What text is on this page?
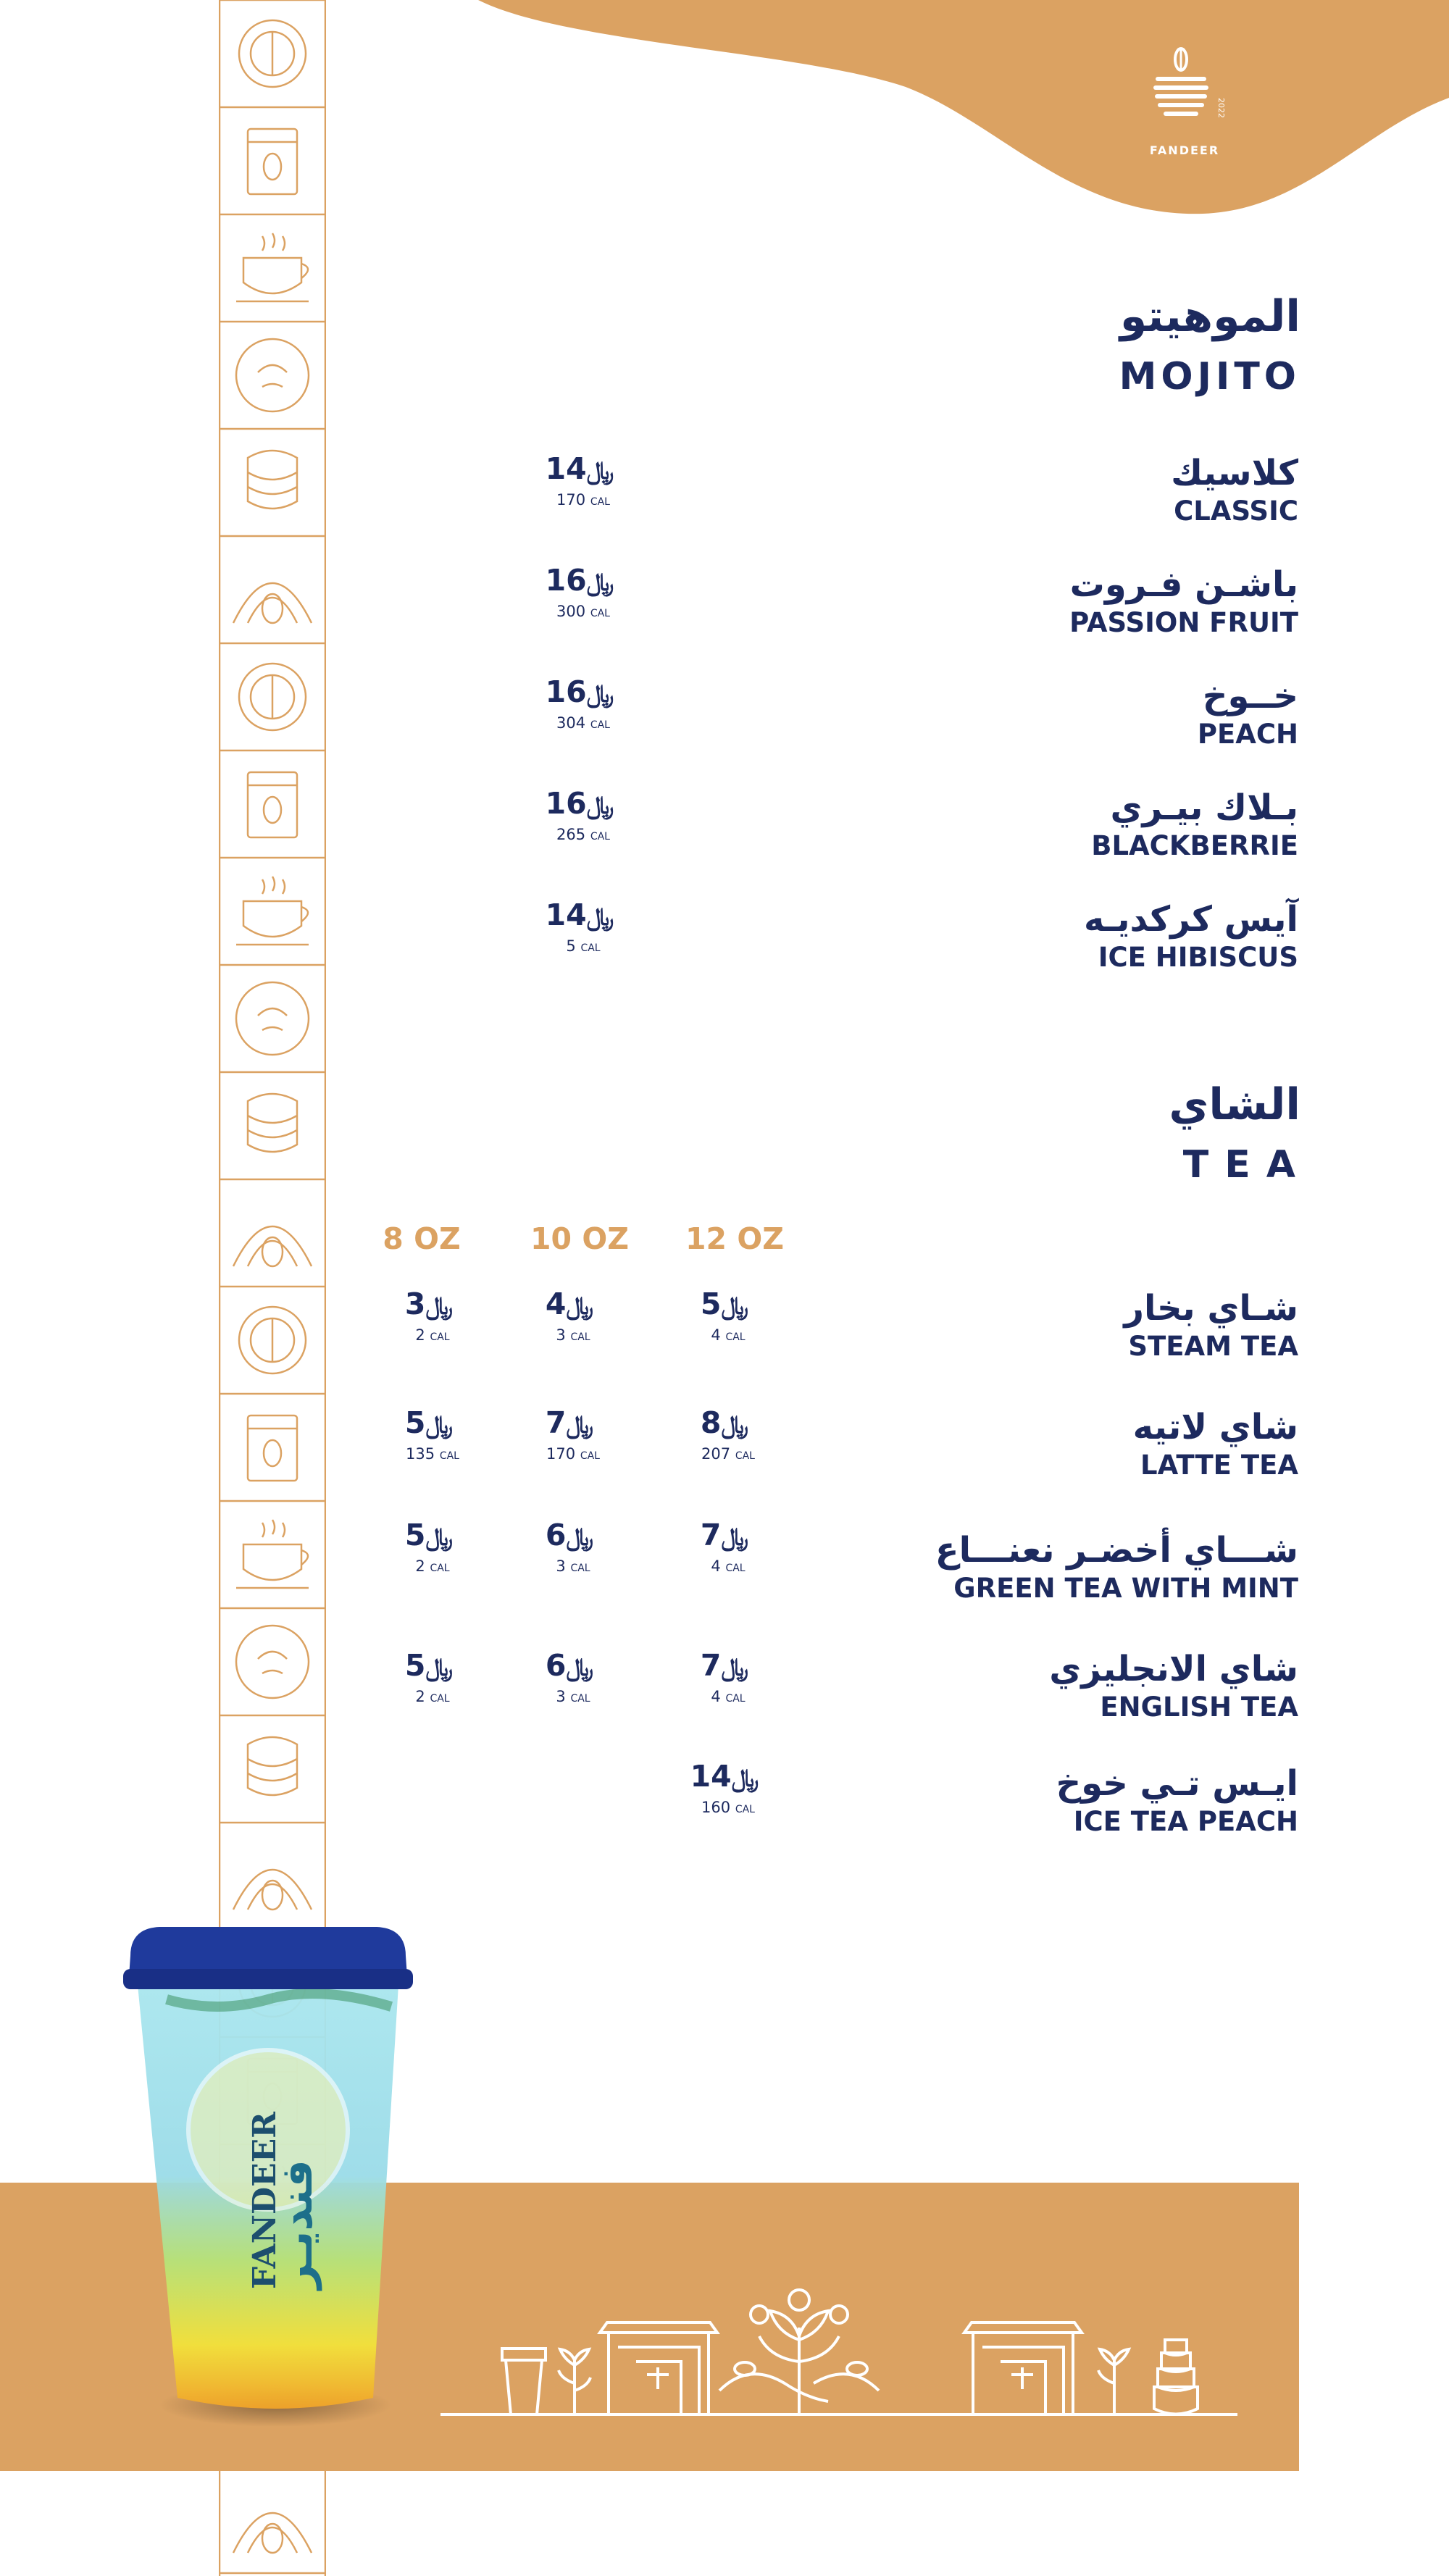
2022
FANDEER
الموهيتو
MOJITO
كلاسيك
CLASSIC
باشـن فـروت
PASSION FRUIT
خــوخ
PEACH
بـلاك بيـري
BLACKBERRIE
آيس كركديـه
ICE HIBISCUS
﷼14
170 CAL
﷼16
300 CAL
﷼16
304 CAL
﷼16
265 CAL
﷼14
5 CAL
الشاي
TEA
8 OZ	10 OZ	12 OZ
شـاي بخار
STEAM TEA
شاي لاتيه
LATTE TEA
شـــاي أخضـر نعنـــاع
GREEN TEA WITH MINT
شاي الانجليزي
ENGLISH TEA
ايـس تـي خوخ
ICE TEA PEACH
﷼3
2 CAL
﷼4
3 CAL
﷼5
4 CAL
﷼5
135 CAL
﷼7
170 CAL
﷼8
207 CAL
﷼5
2 CAL
﷼6
3 CAL
﷼7
4 CAL
﷼5
2 CAL
﷼6
3 CAL
﷼7
4 CAL
﷼14
160 CAL
FANDEER
فنديـر
